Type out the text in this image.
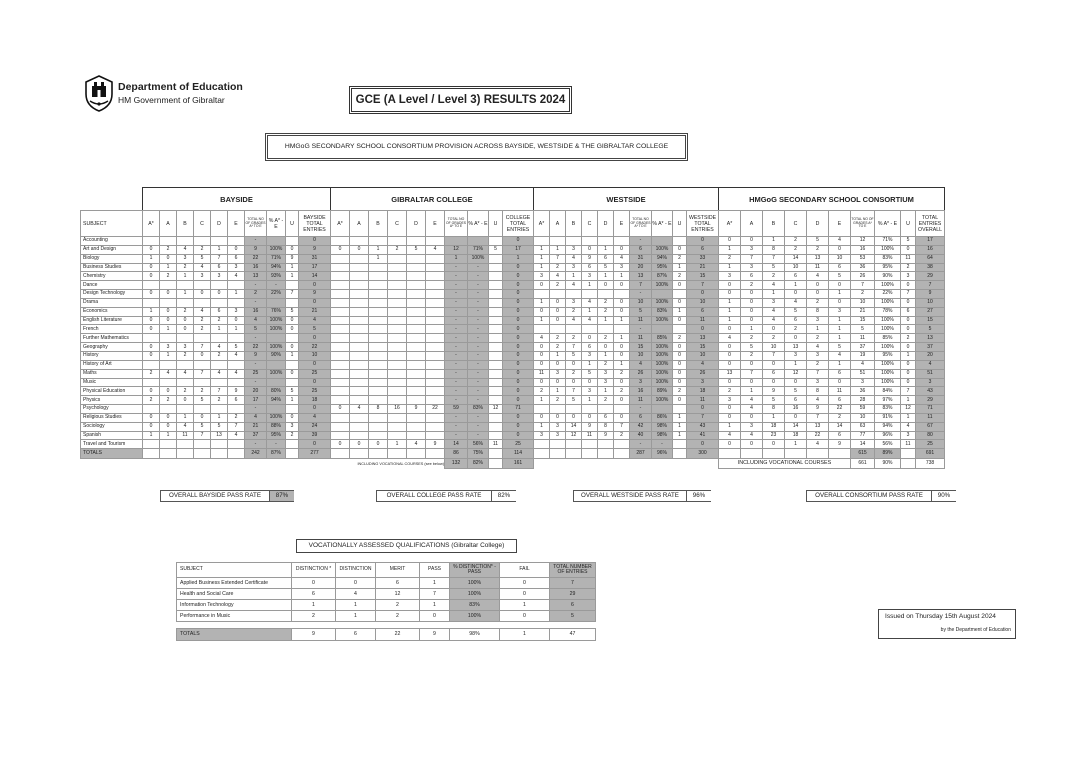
Department of Education
HM Government of Gibraltar	GCE (A Level / Level 3) RESULTS 2024
HMGoG SECONDARY SCHOOL CONSORTIUM PROVISION ACROSS BAYSIDE, WESTSIDE & THE GIBRALTAR COLLEGE
	BAYSIDE										GIBRALTAR COLLEGE										WESTSIDE										HMGoG SECONDARY SCHOOL CONSORTIUM									
SUBJECT	A*	A	B	C	D	E	TOTAL NO OF GRADES A* TO E	% A* - E	U	BAYSIDE TOTAL ENTRIES	A*	A	B	C	D	E	TOTAL NO OF GRADES A* TO E	% A* - E	U	COLLEGE TOTAL ENTRIES	A*	A	B	C	D	E	TOTAL NO OF GRADES A* TO E	% A* - E	U	WESTSIDE TOTAL ENTRIES	A*	A	B	C	D	E	TOTAL NO OF GRADES A* TO E	% A* - E	U	TOTAL ENTRIES OVERALL
Accounting							-			0										0							-			0	0	0	1	2	5	4	12	71%	5	17
Art and Design	0	2	4	2	1	0	9	100%	0	9	0	0	1	2	5	4	12	71%	5	17	1	1	3	0	1	0	6	100%	0	6	1	3	8	2	2	0	16	100%	0	16
Biology	1	0	3	5	7	6	22	71%	9	31			1				1	100%		1	1	7	4	9	6	4	31	94%	2	33	2	7	7	14	13	10	53	83%	11	64
Business Studies	0	1	2	4	6	3	16	94%	1	17							-	-		0	1	2	3	6	5	3	20	95%	1	21	1	3	5	10	11	6	36	95%	2	38
Chemistry	0	2	1	3	3	4	13	93%	1	14							-	-		0	3	4	1	3	1	1	13	87%	2	15	3	6	2	6	4	5	26	90%	3	29
Dance							-	-		0							-	-		0	0	2	4	1	0	0	7	100%	0	7	0	2	4	1	0	0	7	100%	0	7
Design Technology	0	0	1	0	0	1	2	22%	7	9							-	-		0							-			0	0	0	1	0	0	1	2	22%	7	9
Drama							-			0							-	-		0	1	0	3	4	2	0	10	100%	0	10	1	0	3	4	2	0	10	100%	0	10
Economics	1	0	2	4	6	3	16	76%	5	21							-	-		0	0	0	2	1	2	0	5	83%	1	6	1	0	4	5	8	3	21	78%	6	27
English Literature	0	0	0	2	2	0	4	100%	0	4							-	-		0	1	0	4	4	1	1	11	100%	0	11	1	0	4	6	3	1	15	100%	0	15
French	0	1	0	2	1	1	5	100%	0	5							-	-		0							-			0	0	1	0	2	1	1	5	100%	0	5
Further Mathematics							-			0							-	-		0	4	2	2	0	2	1	11	85%	2	13	4	2	2	0	2	1	11	85%	2	13
Geography	0	3	3	7	4	5	22	100%	0	22							-	-		0	0	2	7	6	0	0	15	100%	0	15	0	5	10	13	4	5	37	100%	0	37
History	0	1	2	0	2	4	9	90%	1	10							-	-		0	0	1	5	3	1	0	10	100%	0	10	0	2	7	3	3	4	19	95%	1	20
History of Art							-			0							-	-		0	0	0	0	1	2	1	4	100%	0	4	0	0	0	1	2	1	4	100%	0	4
Maths	2	4	4	7	4	4	25	100%	0	25							-	-		0	11	3	2	5	3	2	26	100%	0	26	13	7	6	12	7	6	51	100%	0	51
Music							-			0							-	-		0	0	0	0	0	3	0	3	100%	0	3	0	0	0	0	3	0	3	100%	0	3
Physical Education	0	0	2	2	7	9	20	80%	5	25							-	-		0	2	1	7	3	1	2	16	89%	2	18	2	1	9	5	8	11	36	84%	7	43
Physics	2	2	0	5	2	6	17	94%	1	18							-	-		0	1	2	5	1	2	0	11	100%	0	11	3	4	5	6	4	6	28	97%	1	29
Psychology							-			0	0	4	8	16	9	22	59	83%	12	71							-			0	0	4	8	16	9	22	59	83%	12	71
Religious Studies	0	0	1	0	1	2	4	100%	0	4							-	-		0	0	0	0	0	6	0	6	86%	1	7	0	0	1	0	7	2	10	91%	1	11
Sociology	0	0	4	5	5	7	21	88%	3	24							-	-		0	1	3	14	9	8	7	42	98%	1	43	1	3	18	14	13	14	63	94%	4	67
Spanish	1	1	11	7	13	4	37	95%	2	39							-	-		0	3	3	12	11	9	2	40	98%	1	41	4	4	23	18	22	6	77	96%	3	80
Travel and Tourism							-	-		0	0	0	0	1	4	9	14	56%	11	25							-	-		0	0	0	0	1	4	9	14	56%	11	25
TOTALS							242	87%		277							86	75%		114							287	96%		300							615	89%		691
											INCLUDING VOCATIONAL COURSES (see below)						132	82%		161											INCLUDING VOCATIONAL COURSES						661	90%		738
OVERALL BAYSIDE PASS RATE	87%	OVERALL COLLEGE PASS RATE	82%	OVERALL WESTSIDE PASS RATE	96%	OVERALL CONSORTIUM PASS RATE	90%
VOCATIONALLY ASSESSED QUALIFICATIONS (Gibraltar College)
SUBJECT	DISTINCTION *	DISTINCTION	MERIT	PASS	% DISTINCTION* - PASS	FAIL	TOTAL NUMBER OF ENTRIES
Applied Business Extended Certificate	0	0	6	1	100%	0	7
Health and Social Care	6	4	12	7	100%	0	29
Information Technology	1	1	2	1	83%	1	6
Performance in Music	2	1	2	0	100%	0	5

TOTALS	9	6	22	9	98%	1	47
Issued on Thursday 15th August 2024
by the Department of Education
